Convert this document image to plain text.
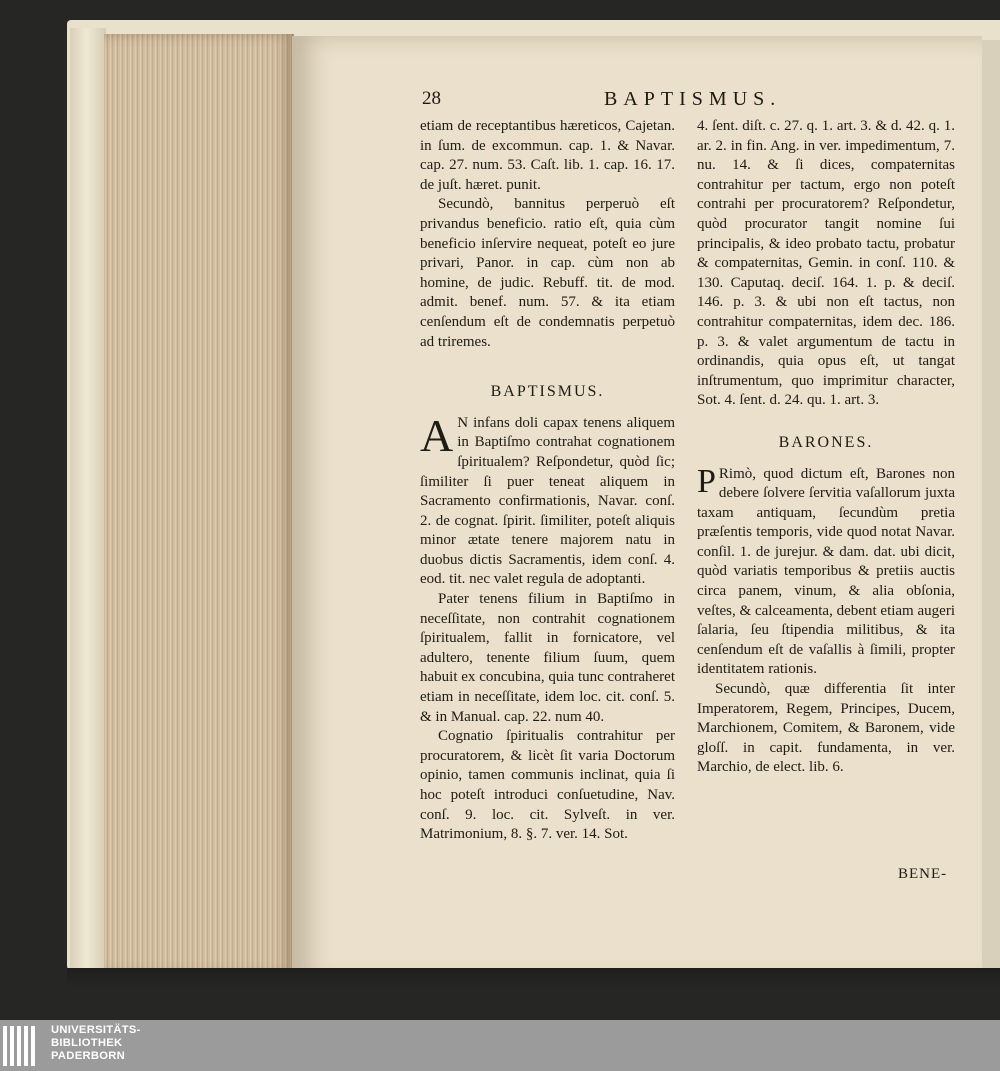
28	BAPTISMUS.

etiam de receptantibus hæreticos, Cajetan. in ſum. de excommun. cap. 1. & Navar. cap. 27. num. 53. Caſt. lib. 1. cap. 16. 17. de juſt. hæret. punit.

Secundò, bannitus perperuò eſt privandus beneficio. ratio eſt, quia cùm beneficio inſervire nequeat, poteſt eo jure privari, Panor. in cap. cùm non ab homine, de judic. Rebuff. tit. de mod. admit. benef. num. 57. & ita etiam cenſendum eſt de condemnatis perpetuò ad triremes.

BAPTISMUS.

A N infans doli capax tenens aliquem in Baptiſmo contrahat cognationem ſpiritualem? Reſpondetur, quòd ſic; ſimiliter ſi puer teneat aliquem in Sacramento confirmationis, Navar. conſ. 2. de cognat. ſpirit. ſimiliter, poteſt aliquis minor ætate tenere majorem natu in duobus dictis Sacramentis, idem conſ. 4. eod. tit. nec valet regula de adoptanti.

Pater tenens filium in Baptiſmo in neceſſitate, non contrahit cognationem ſpiritualem, fallit in fornicatore, vel adultero, tenente filium ſuum, quem habuit ex concubina, quia tunc contraheret etiam in neceſſitate, idem loc. cit. conſ. 5. & in Manual. cap. 22. num 40.

Cognatio ſpiritualis contrahitur per procuratorem, & licèt ſit varia Doctorum opinio, tamen communis inclinat, quia ſi hoc poteſt introduci conſuetudine, Nav. conſ. 9. loc. cit. Sylveſt. in ver. Matrimonium, 8. §. 7. ver. 14. Sot.

4. ſent. diſt. c. 27. q. 1. art. 3. & d. 42. q. 1. ar. 2. in fin. Ang. in ver. impedimentum, 7. nu. 14. & ſi dices, compaternitas contrahitur per tactum, ergo non poteſt contrahi per procuratorem? Reſpondetur, quòd procurator tangit nomine ſui principalis, & ideo probato tactu, probatur & compaternitas, Gemin. in conſ. 110. & 130. Caputaq. deciſ. 164. 1. p. & deciſ. 146. p. 3. & ubi non eſt tactus, non contrahitur compaternitas, idem dec. 186. p. 3. & valet argumentum de tactu in ordinandis, quia opus eſt, ut tangat inſtrumentum, quo imprimitur character, Sot. 4. ſent. d. 24. qu. 1. art. 3.

BARONES.

P Rimò, quod dictum eſt, Barones non debere ſolvere ſervitia vaſallorum juxta taxam antiquam, ſecundùm pretia præſentis temporis, vide quod notat Navar. conſil. 1. de jurejur. & dam. dat. ubi dicit, quòd variatis temporibus & pretiis auctis circa panem, vinum, & alia obſonia, veſtes, & calceamenta, debent etiam augeri ſalaria, ſeu ſtipendia militibus, & ita cenſendum eſt de vaſallis à ſimili, propter identitatem rationis.

Secundò, quæ differentia ſit inter Imperatorem, Regem, Principes, Ducem, Marchionem, Comitem, & Baronem, vide gloſſ. in capit. fundamenta, in ver. Marchio, de elect. lib. 6.

BENE-
UNIVERSITÄTS-
BIBLIOTHEK
PADERBORN
